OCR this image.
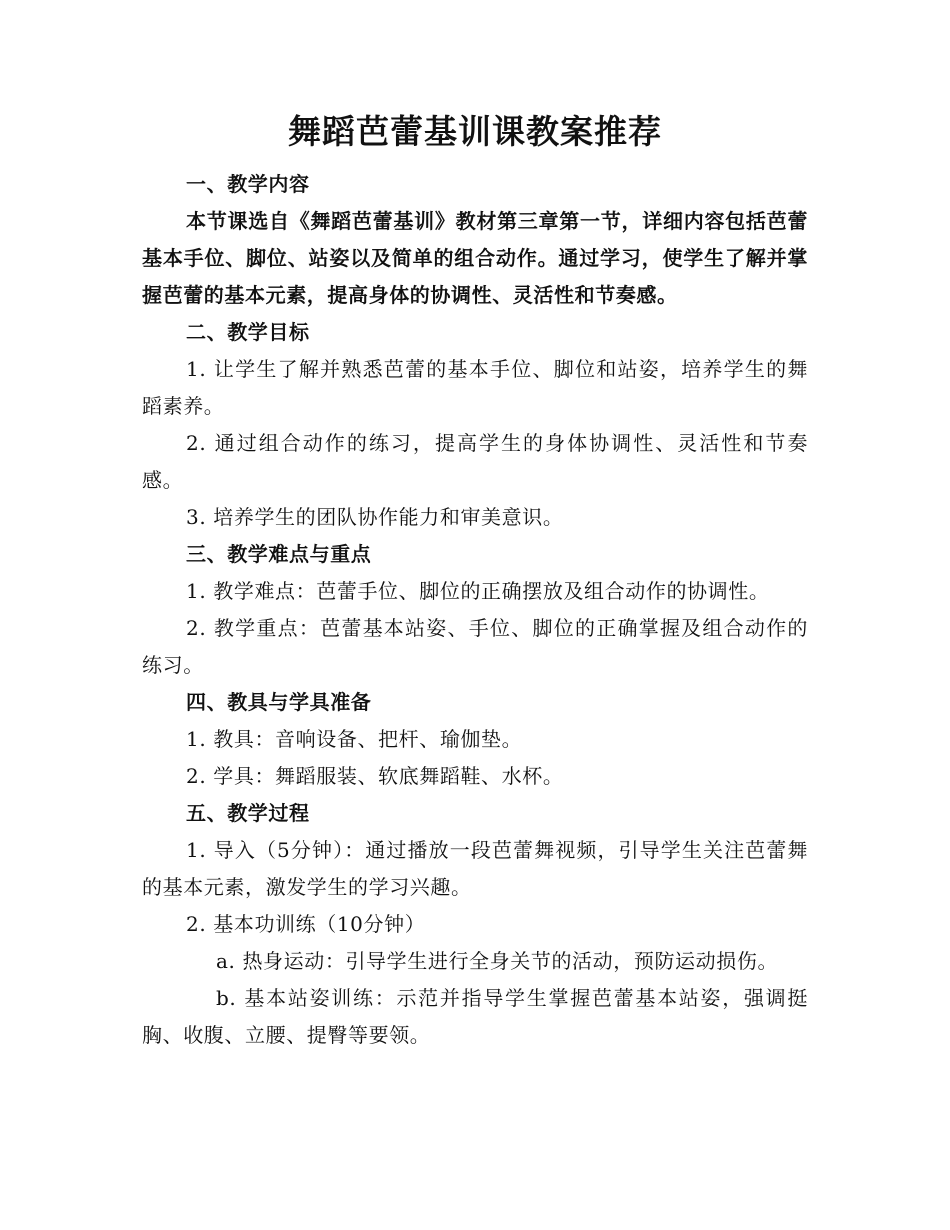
舞蹈芭蕾基训课教案推荐

一、教学内容

本节课选自《舞蹈芭蕾基训》教材第三章第一节，详细内容包括芭蕾基本手位、脚位、站姿以及简单的组合动作。通过学习，使学生了解并掌握芭蕾的基本元素，提高身体的协调性、灵活性和节奏感。

二、教学目标

1. 让学生了解并熟悉芭蕾的基本手位、脚位和站姿，培养学生的舞蹈素养。

2. 通过组合动作的练习，提高学生的身体协调性、灵活性和节奏感。

3. 培养学生的团队协作能力和审美意识。

三、教学难点与重点

1. 教学难点：芭蕾手位、脚位的正确摆放及组合动作的协调性。

2. 教学重点：芭蕾基本站姿、手位、脚位的正确掌握及组合动作的练习。

四、教具与学具准备

1. 教具：音响设备、把杆、瑜伽垫。

2. 学具：舞蹈服装、软底舞蹈鞋、水杯。

五、教学过程

1. 导入（5分钟）：通过播放一段芭蕾舞视频，引导学生关注芭蕾舞的基本元素，激发学生的学习兴趣。

2. 基本功训练（10分钟）

a. 热身运动：引导学生进行全身关节的活动，预防运动损伤。

b. 基本站姿训练：示范并指导学生掌握芭蕾基本站姿，强调挺胸、收腹、立腰、提臀等要领。
